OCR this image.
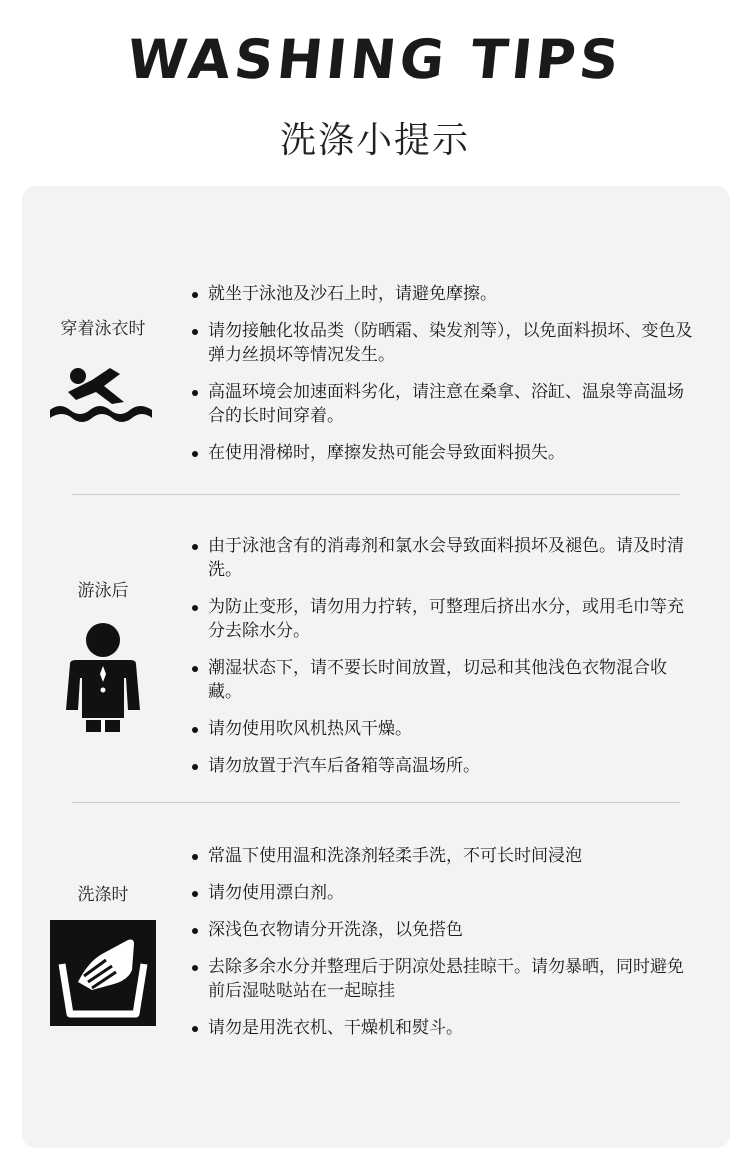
WASHING TIPS
洗涤小提示
穿着泳衣时
就坐于泳池及沙石上时，请避免摩擦。
请勿接触化妆品类（防晒霜、染发剂等），以免面料损坏、变色及弹力丝损坏等情况发生。
高温环境会加速面料劣化，请注意在桑拿、浴缸、温泉等高温场合的长时间穿着。
在使用滑梯时，摩擦发热可能会导致面料损失。
游泳后
由于泳池含有的消毒剂和氯水会导致面料损坏及褪色。请及时清洗。
为防止变形，请勿用力拧转，可整理后挤出水分，或用毛巾等充分去除水分。
潮湿状态下，请不要长时间放置，切忌和其他浅色衣物混合收藏。
请勿使用吹风机热风干燥。
请勿放置于汽车后备箱等高温场所。
洗涤时
常温下使用温和洗涤剂轻柔手洗，不可长时间浸泡
请勿使用漂白剂。
深浅色衣物请分开洗涤，以免搭色
去除多余水分并整理后于阴凉处悬挂晾干。请勿暴晒，同时避免前后湿哒哒站在一起晾挂
请勿是用洗衣机、干燥机和熨斗。
